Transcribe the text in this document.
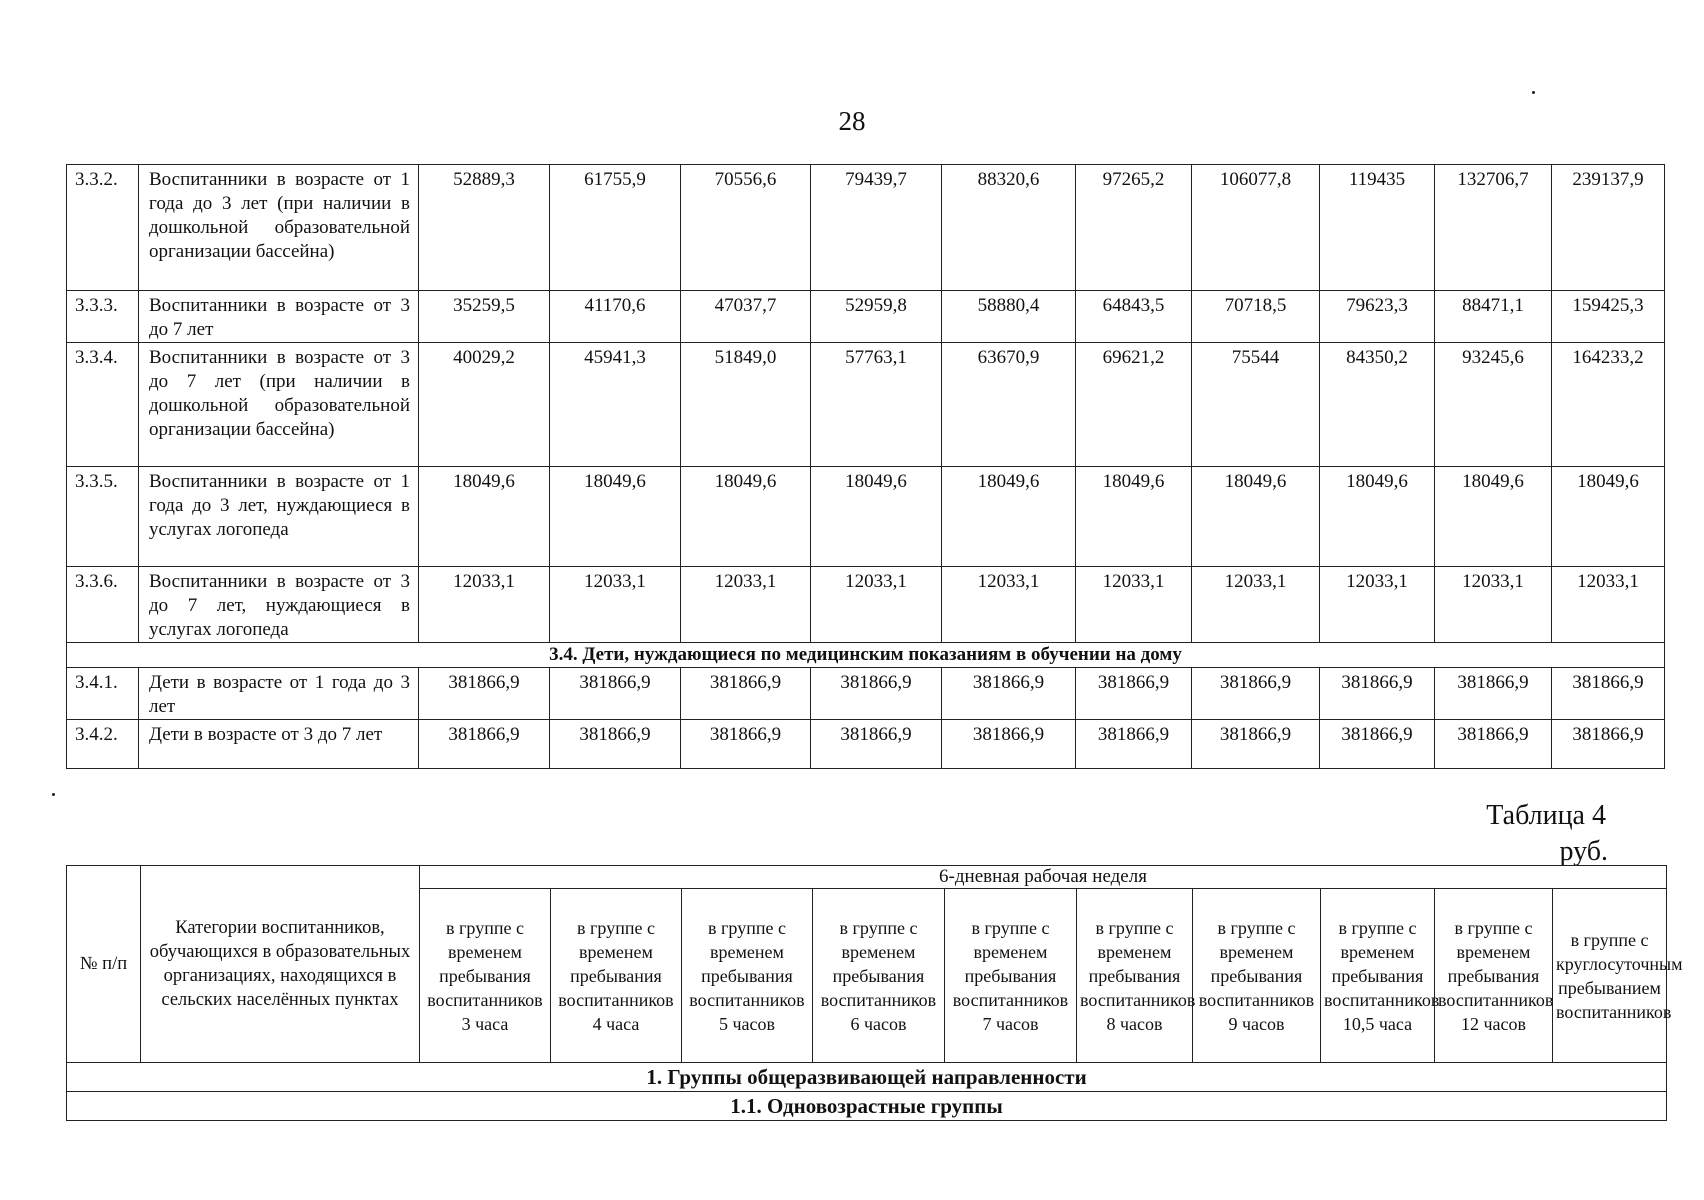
28
3.3.2.	Воспитанники в возрасте от 1 года до 3 лет (при наличии в дошкольной образовательной организации бассейна)	52889,3	61755,9	70556,6	79439,7	88320,6	97265,2	106077,8	119435	132706,7	239137,9
3.3.3.	Воспитанники в возрасте от 3 до 7 лет	35259,5	41170,6	47037,7	52959,8	58880,4	64843,5	70718,5	79623,3	88471,1	159425,3
3.3.4.	Воспитанники в возрасте от 3 до 7 лет (при наличии в дошкольной образовательной организации бассейна)	40029,2	45941,3	51849,0	57763,1	63670,9	69621,2	75544	84350,2	93245,6	164233,2
3.3.5.	Воспитанники в возрасте от 1 года до 3 лет, нуждающиеся в услугах логопеда	18049,6	18049,6	18049,6	18049,6	18049,6	18049,6	18049,6	18049,6	18049,6	18049,6
3.3.6.	Воспитанники в возрасте от 3 до 7 лет, нуждающиеся в услугах логопеда	12033,1	12033,1	12033,1	12033,1	12033,1	12033,1	12033,1	12033,1	12033,1	12033,1
3.4. Дети, нуждающиеся по медицинским показаниям в обучении на дому											
3.4.1.	Дети в возрасте от 1 года до 3 лет	381866,9	381866,9	381866,9	381866,9	381866,9	381866,9	381866,9	381866,9	381866,9	381866,9
3.4.2.	Дети в возрасте от 3 до 7 лет	381866,9	381866,9	381866,9	381866,9	381866,9	381866,9	381866,9	381866,9	381866,9	381866,9
Таблица 4
руб.
№ п/п	Категории воспитанников, обучающихся в образовательных организациях, находящихся в сельских населённых пунктах	6-дневная рабочая неделя									
		в группе с временем пребывания воспитанников 3 часа	в группе с временем пребывания воспитанников 4 часа	в группе с временем пребывания воспитанников 5 часов	в группе с временем пребывания воспитанников 6 часов	в группе с временем пребывания воспитанников 7 часов	в группе с временем пребывания воспитанников 8 часов	в группе с временем пребывания воспитанников 9 часов	в группе с временем пребывания воспитанников 10,5 часа	в группе с временем пребывания воспитанников 12 часов	в группе с круглосуточным пребыванием воспитанников
1. Группы общеразвивающей направленности											
1.1. Одновозрастные группы											
